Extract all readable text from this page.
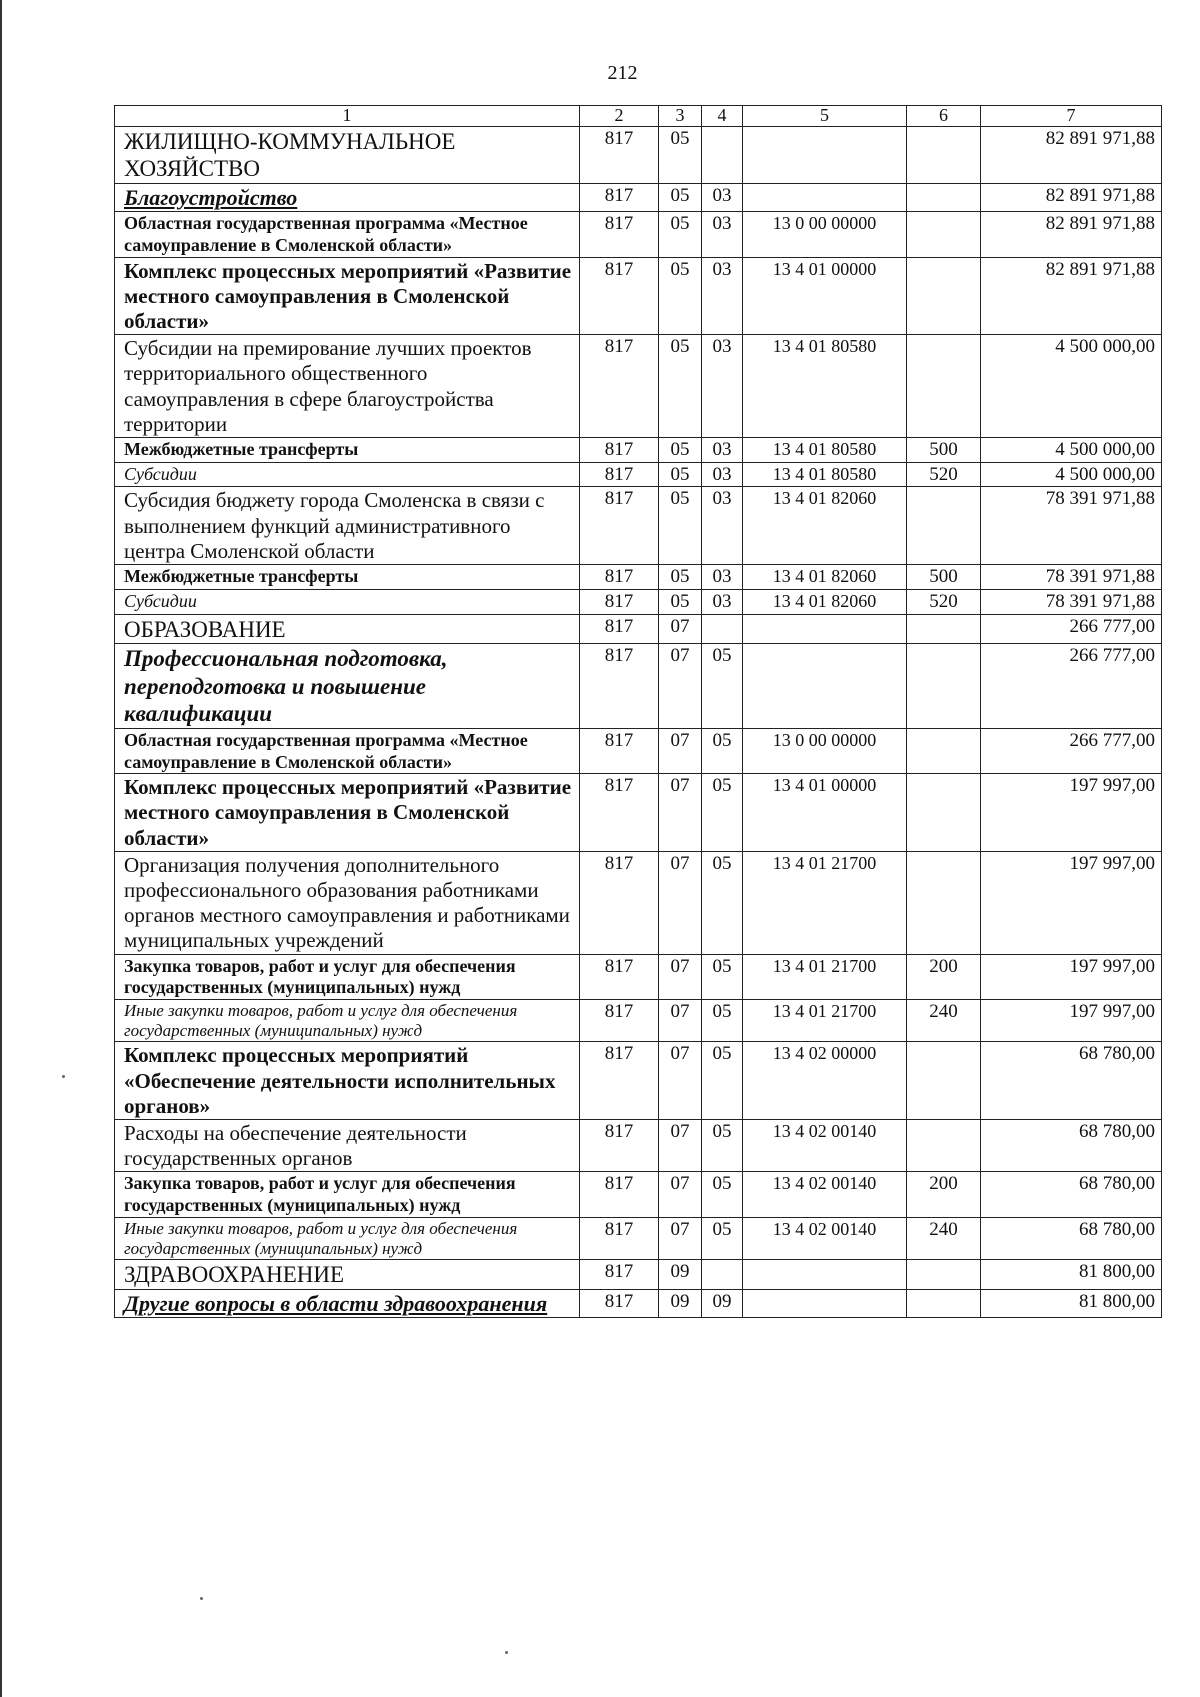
212
1	2	3	4	5	6	7
ЖИЛИЩНО-КОММУНАЛЬНОЕ ХОЗЯЙСТВО	817	05				82 891 971,88
Благоустройство	817	05	03			82 891 971,88
Областная государственная программа «Местное самоуправление в Смоленской области»	817	05	03	13 0 00 00000		82 891 971,88
Комплекс процессных мероприятий «Развитие местного самоуправления в Смоленской области»	817	05	03	13 4 01 00000		82 891 971,88
Субсидии на премирование лучших проектов территориального общественного самоуправления в сфере благоустройства территории	817	05	03	13 4 01 80580		4 500 000,00
Межбюджетные трансферты	817	05	03	13 4 01 80580	500	4 500 000,00
Субсидии	817	05	03	13 4 01 80580	520	4 500 000,00
Субсидия бюджету города Смоленска в связи с выполнением функций административного центра Смоленской области	817	05	03	13 4 01 82060		78 391 971,88
Межбюджетные трансферты	817	05	03	13 4 01 82060	500	78 391 971,88
Субсидии	817	05	03	13 4 01 82060	520	78 391 971,88
ОБРАЗОВАНИЕ	817	07				266 777,00
Профессиональная подготовка, переподготовка и повышение квалификации	817	07	05			266 777,00
Областная государственная программа «Местное самоуправление в Смоленской области»	817	07	05	13 0 00 00000		266 777,00
Комплекс процессных мероприятий «Развитие местного самоуправления в Смоленской области»	817	07	05	13 4 01 00000		197 997,00
Организация получения дополнительного профессионального образования работниками органов местного самоуправления и работниками муниципальных учреждений	817	07	05	13 4 01 21700		197 997,00
Закупка товаров, работ и услуг для обеспечения государственных (муниципальных) нужд	817	07	05	13 4 01 21700	200	197 997,00
Иные закупки товаров, работ и услуг для обеспечения государственных (муниципальных) нужд	817	07	05	13 4 01 21700	240	197 997,00
Комплекс процессных мероприятий «Обеспечение деятельности исполнительных органов»	817	07	05	13 4 02 00000		68 780,00
Расходы на обеспечение деятельности государственных органов	817	07	05	13 4 02 00140		68 780,00
Закупка товаров, работ и услуг для обеспечения государственных (муниципальных) нужд	817	07	05	13 4 02 00140	200	68 780,00
Иные закупки товаров, работ и услуг для обеспечения государственных (муниципальных) нужд	817	07	05	13 4 02 00140	240	68 780,00
ЗДРАВООХРАНЕНИЕ	817	09				81 800,00
Другие вопросы в области здравоохранения	817	09	09			81 800,00
